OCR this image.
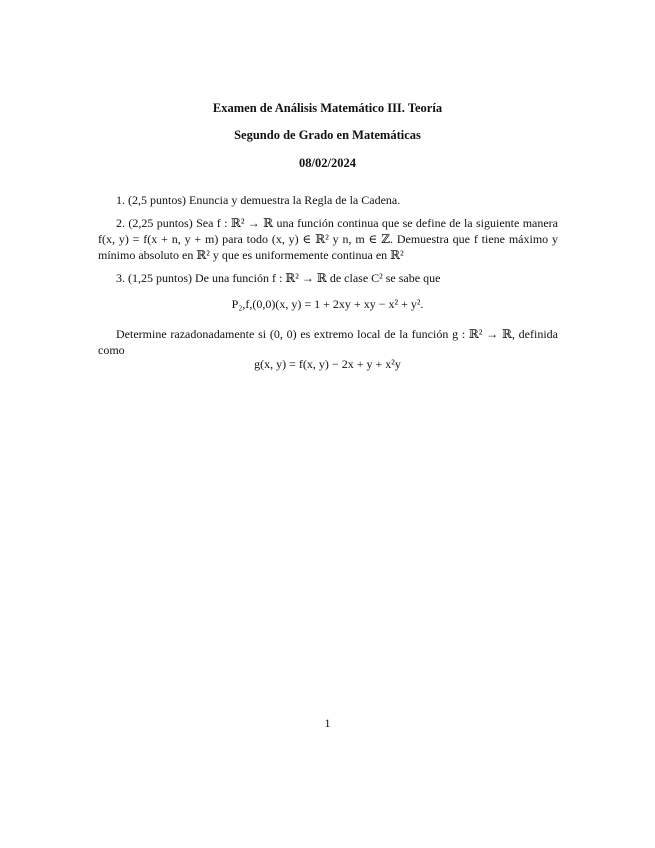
Examen de Análisis Matemático III. Teoría
Segundo de Grado en Matemáticas
08/02/2024
1. (2,5 puntos) Enuncia y demuestra la Regla de la Cadena.
2. (2,25 puntos) Sea f : ℝ² → ℝ una función continua que se define de la siguiente manera f(x, y) = f(x + n, y + m) para todo (x, y) ∈ ℝ² y n, m ∈ ℤ. Demuestra que f tiene máximo y mínimo absoluto en ℝ² y que es uniformemente continua en ℝ²
3. (1,25 puntos) De una función f : ℝ² → ℝ de clase C² se sabe que
P₂,f,(0,0)(x, y) = 1 + 2xy + xy − x² + y².
Determine razadonadamente si (0, 0) es extremo local de la función g : ℝ² → ℝ, definida como
g(x, y) = f(x, y) − 2x + y + x²y
1
